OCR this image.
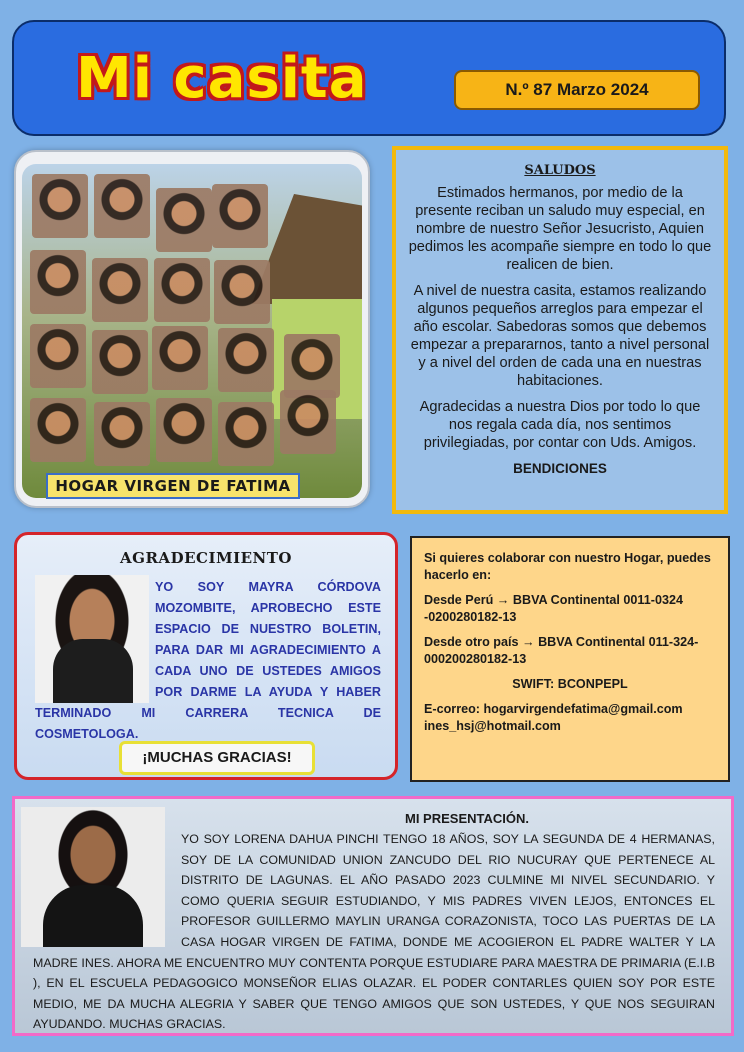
Mi casita	N.º 87 Marzo 2024
HOGAR VIRGEN DE FATIMA
SALUDOS

Estimados hermanos, por medio de la presente reciban un saludo muy especial, en nombre de nuestro Señor Jesucristo, Aquien pedimos les acompañe siempre en todo lo que realicen de bien.

A nivel de nuestra casita, estamos realizando algunos pequeños arreglos para empezar el año escolar. Sabedoras somos que debemos empezar a prepararnos, tanto a nivel personal y a nivel del orden de cada una en nuestras habitaciones.

Agradecidas a nuestra Dios por todo lo que nos regala cada día, nos sentimos privilegiadas, por contar con Uds. Amigos.

BENDICIONES

AGRADECIMIENTO
YO SOY MAYRA CÓRDOVA MOZOMBITE, APROBECHO ESTE ESPACIO DE NUESTRO BOLETIN, PARA DAR MI AGRADECIMIENTO A CADA UNO DE USTEDES AMIGOS POR DARME LA AYUDA Y HABER TERMINADO MI CARRERA TECNICA DE COSMETOLOGA.
¡MUCHAS GRACIAS!

Si quieres colaborar con nuestro Hogar, puedes hacerlo en:

Desde Perú → BBVA Continental 0011-0324 -0200280182-13

Desde otro país → BBVA Continental 011-324-000200280182-13

SWIFT: BCONPEPL

E-correo: hogarvirgendefatima@gmail.com
ines_hsj@hotmail.com
MI PRESENTACIÓN.
YO SOY LORENA DAHUA PINCHI TENGO 18 AÑOS, SOY LA SEGUNDA DE 4 HERMANAS, SOY DE LA COMUNIDAD UNION ZANCUDO DEL RIO NUCURAY QUE PERTENECE AL DISTRITO DE LAGUNAS. EL AÑO PASADO 2023 CULMINE MI NIVEL SECUNDARIO. Y COMO QUERIA SEGUIR ESTUDIANDO, Y MIS PADRES VIVEN LEJOS, ENTONCES EL PROFESOR GUILLERMO MAYLIN URANGA CORAZONISTA, TOCO LAS PUERTAS DE LA CASA HOGAR VIRGEN DE FATIMA, DONDE ME ACOGIERON EL PADRE WALTER Y LA MADRE INES. AHORA ME ENCUENTRO MUY CONTENTA PORQUE ESTUDIARE PARA MAESTRA DE PRIMARIA (E.I.B ), EN EL ESCUELA PEDAGOGICO MONSEÑOR ELIAS OLAZAR. EL PODER CONTARLES QUIEN SOY POR ESTE MEDIO, ME DA MUCHA ALEGRIA Y SABER QUE TENGO AMIGOS QUE SON USTEDES, Y QUE NOS SEGUIRAN AYUDANDO. MUCHAS GRACIAS.
